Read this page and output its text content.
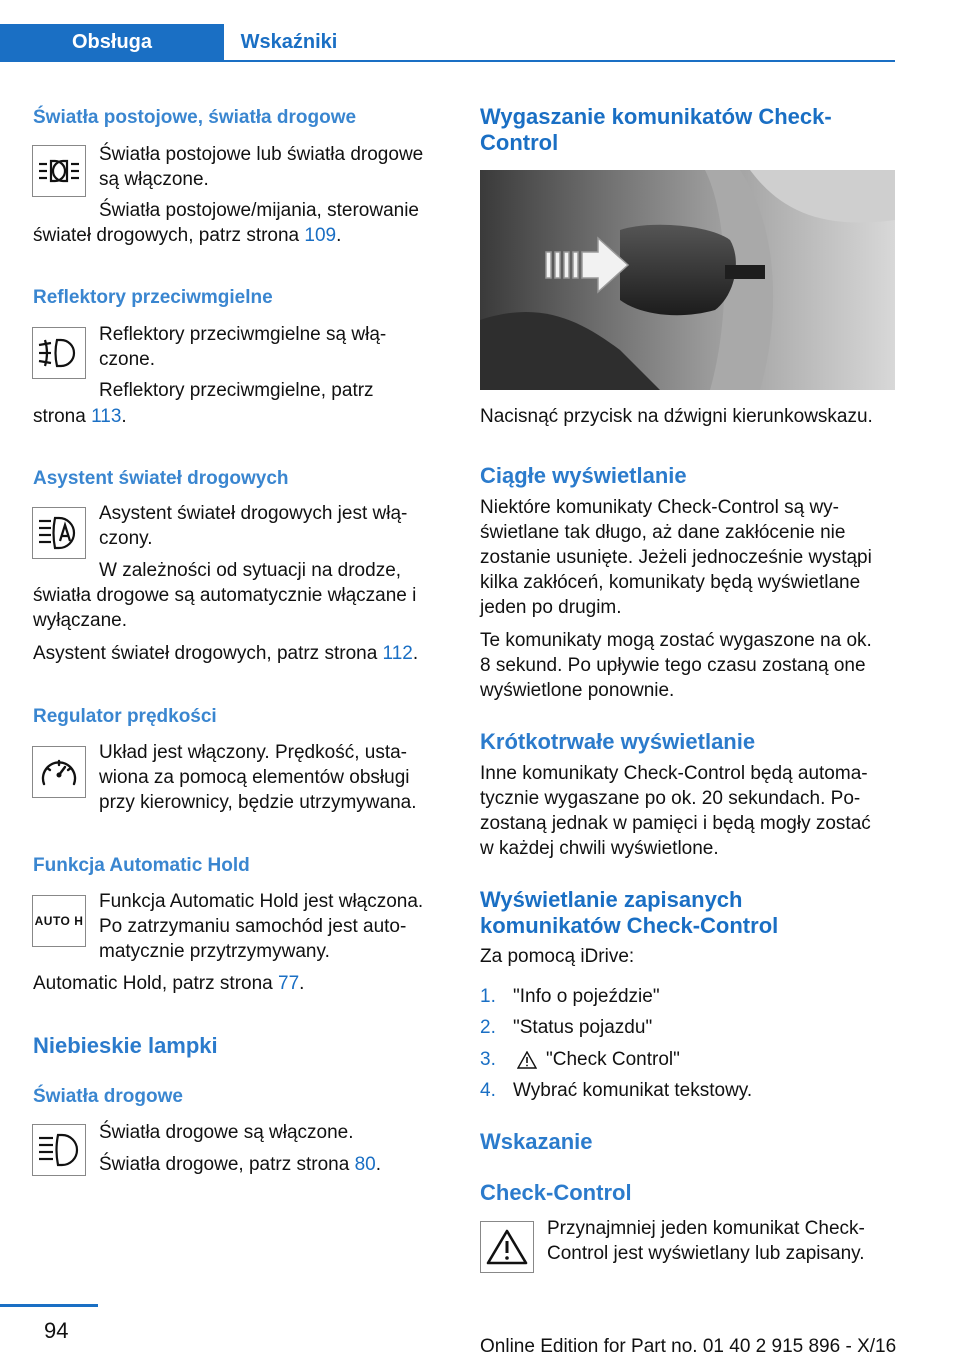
Obsługa	Wskaźniki
Światła postojowe, światła drogowe
Światła postojowe lub światła drogowe
są włączone.
Światła postojowe/mijania, sterowanie
świateł drogowych, patrz strona 109.
Reflektory przeciwmgielne
Reflektory przeciwmgielne są włą‐
czone.
Reflektory przeciwmgielne, patrz
strona 113.
Asystent świateł drogowych
Asystent świateł drogowych jest włą‐
czony.
W zależności od sytuacji na drodze,
światła drogowe są automatycznie włączane i
wyłączane.
Asystent świateł drogowych, patrz strona 112.
Regulator prędkości
Układ jest włączony. Prędkość, usta‐
wiona za pomocą elementów obsługi
przy kierownicy, będzie utrzymywana.
Funkcja Automatic Hold
AUTO H
Funkcja Automatic Hold jest włączona.
Po zatrzymaniu samochód jest auto‐
matycznie przytrzymywany.
Automatic Hold, patrz strona 77.
Niebieskie lampki
Światła drogowe
Światła drogowe są włączone.
Światła drogowe, patrz strona 80.
Wygaszanie komunikatów Check‐
Control
Nacisnąć przycisk na dźwigni kierunkowskazu.
Ciągłe wyświetlanie
Niektóre komunikaty Check-Control są wy‐
świetlane tak długo, aż dane zakłócenie nie
zostanie usunięte. Jeżeli jednocześnie wystąpi
kilka zakłóceń, komunikaty będą wyświetlane
jeden po drugim.
Te komunikaty mogą zostać wygaszone na ok.
8 sekund. Po upływie tego czasu zostaną one
wyświetlone ponownie.
Krótkotrwałe wyświetlanie
Inne komunikaty Check-Control będą automa‐
tycznie wygaszane po ok. 20 sekundach. Po‐
zostaną jednak w pamięci i będą mogły zostać
w każdej chwili wyświetlone.
Wyświetlanie zapisanych
komunikatów Check-Control
Za pomocą iDrive:
1. "Info o pojeździe"
2. "Status pojazdu"
3.	"Check Control"
4. Wybrać komunikat tekstowy.
Wskazanie
Check-Control
Przynajmniej jeden komunikat Check‐
Control jest wyświetlany lub zapisany.
94
Online Edition for Part no. 01 40 2 915 896 - X/16
